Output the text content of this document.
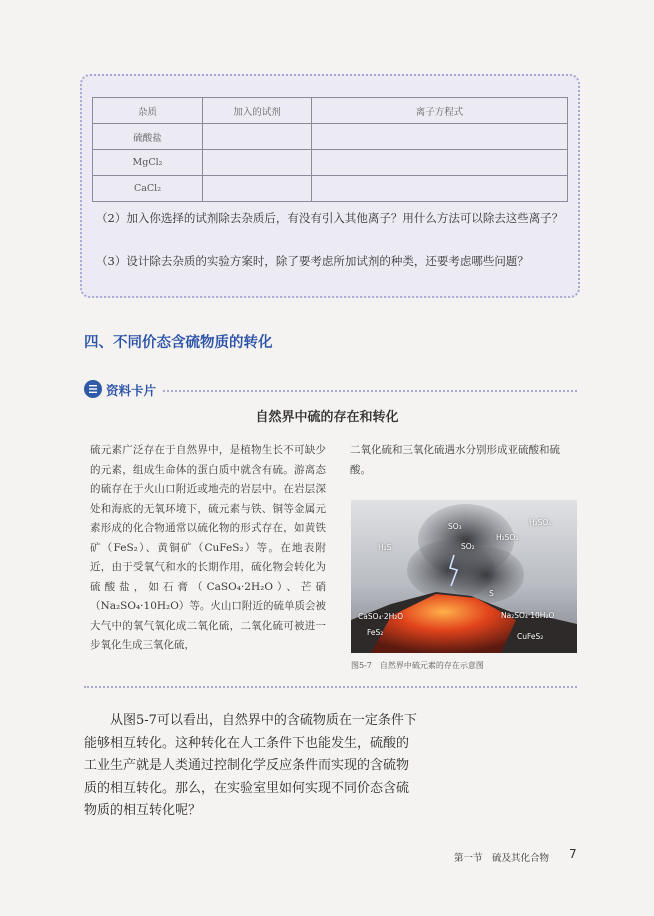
杂质	加入的试剂	离子方程式
硫酸盐		
MgCl₂		
CaCl₂		
（2）加入你选择的试剂除去杂质后，有没有引入其他离子？用什么方法可以除去这些离子？
（3）设计除去杂质的实验方案时，除了要考虑所加试剂的种类，还要考虑哪些问题？
四、不同价态含硫物质的转化
资料卡片
自然界中硫的存在和转化
硫元素广泛存在于自然界中，是植物生长不可缺少的元素，组成生命体的蛋白质中就含有硫。游离态的硫存在于火山口附近或地壳的岩层中。在岩层深处和海底的无氧环境下，硫元素与铁、铜等金属元素形成的化合物通常以硫化物的形式存在，如黄铁矿（FeS₂）、黄铜矿（CuFeS₂）等。在地表附近，由于受氧气和水的长期作用，硫化物会转化为硫酸盐，如石膏（CaSO₄·2H₂O）、芒硝（Na₂SO₄·10H₂O）等。火山口附近的硫单质会被大气中的氧气氧化成二氧化硫，二氧化硫可被进一步氧化生成三氧化硫，
二氧化硫和三氧化硫遇水分别形成亚硫酸和硫酸。
SO₃	H₂SO₄
SO₂
H₂SO₃
H₂S
S
CaSO₄·2H₂O	Na₂SO₄·10H₂O
FeS₂	CuFeS₂
图5-7　自然界中硫元素的存在示意图
从图5-7可以看出，自然界中的含硫物质在一定条件下能够相互转化。这种转化在人工条件下也能发生，硫酸的工业生产就是人类通过控制化学反应条件而实现的含硫物质的相互转化。那么，在实验室里如何实现不同价态含硫物质的相互转化呢？
第一节　硫及其化合物 7
